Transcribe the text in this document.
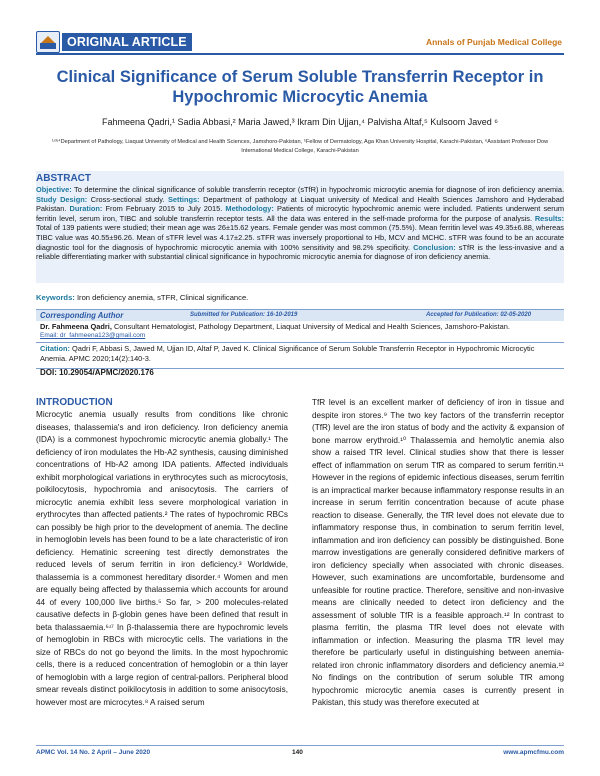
ORIGINAL ARTICLE	Annals of Punjab Medical College
Clinical Significance of Serum Soluble Transferrin Receptor in Hypochromic Microcytic Anemia
Fahmeena Qadri,¹ Sadia Abbasi,² Maria Jawed,³ Ikram Din Ujjan,⁴ Palvisha Altaf,⁵ Kulsoom Javed ⁶
¹ʴ³ʴ⁴Department of Pathology, Liaquat University of Medical and Health Sciences, Jamshoro-Pakistan, ⁵Fellow of Dermatology, Aga Khan University Hospital, Karachi-Pakistan, ⁶Assistant Professor Dow International Medical College, Karachi-Pakistan
ABSTRACT
Objective: To determine the clinical significance of soluble transferrin receptor (sTfR) in hypochromic microcytic anemia for diagnose of iron deficiency anemia. Study Design: Cross-sectional study. Settings: Department of pathology at Liaquat university of Medical and Health Sciences Jamshoro and Hyderabad Pakistan. Duration: From February 2015 to July 2015. Methodology: Patients of microcytic hypochromic anemic were included. Patients underwent serum ferritin level, serum iron, TIBC and soluble transferrin receptor tests. All the data was entered in the self-made proforma for the purpose of analysis. Results: Total of 139 patients were studied; their mean age was 26±15.62 years. Female gender was most common (75.5%). Mean ferritin level was 49.35±6.88, whereas TIBC value was 40.55±96.26. Mean of sTFR level was 4.17±2.25. sTFR was inversely proportional to Hb, MCV and MCHC. sTFR was found to be an accurate diagnostic tool for the diagnosis of hypochromic microcytic anemia with 100% sensitivity and 98.2% specificity. Conclusion: sTfR is the less-invasive and a reliable differentiating marker with substantial clinical significance in hypochromic microcytic anemia for diagnose of iron deficiency anemia.
Keywords: Iron deficiency anemia, sTFR, Clinical significance.
Corresponding Author	Submitted for Publication: 16-10-2019	Accepted for Publication: 02-05-2020
Dr. Fahmeena Qadri, Consultant Hematologist, Pathology Department, Liaquat University of Medical and Health Sciences, Jamshoro-Pakistan.
Email: dr_fahmeena123@gmail.com
Citation: Qadri F, Abbasi S, Jawed M, Ujjan ID, Altaf P, Javed K. Clinical Significance of Serum Soluble Transferrin Receptor in Hypochromic Microcytic Anemia. APMC 2020;14(2):140-3.
DOI: 10.29054/APMC/2020.176
INTRODUCTION
Microcytic anemia usually results from conditions like chronic diseases, thalassemia's and iron deficiency. Iron deficiency anemia (IDA) is a commonest hypochromic microcytic anemia globally.¹ The deficiency of iron modulates the Hb-A2 synthesis, causing diminished concentrations of Hb-A2 among IDA patients. Affected individuals exhibit morphological variations in erythrocytes such as microcytosis, poikilocytosis, hypochromia and anisocytosis. The carriers of microcytic anemia exhibit less severe morphological variation in erythrocytes than affected patients.² The rates of hypochromic RBCs can possibly be high prior to the development of anemia. The decline in hemoglobin levels has been found to be a late characteristic of iron deficiency. Hematinic screening test directly demonstrates the reduced levels of serum ferritin in iron deficiency.³ Worldwide, thalassemia is a commonest hereditary disorder.⁴ Women and men are equally being affected by thalassemia which accounts for around 44 of every 100,000 live births.⁵ So far, > 200 molecules-related causative defects in β-globin genes have been defined that result in beta thalassaemia.⁶ʴ⁷ In β-thalassemia there are hypochromic levels of hemoglobin in RBCs with microcytic cells. The variations in the size of RBCs do not go beyond the limits. In the most hypochromic cells, there is a reduced concentration of hemoglobin or a thin layer of hemoglobin with a large region of central-pallors. Peripheral blood smear reveals distinct poikilocytosis in addition to some anisocytosis, however most are microcytes.⁸ A raised serum
TfR level is an excellent marker of deficiency of iron in tissue and despite iron stores.⁹ The two key factors of the transferrin receptor (TfR) level are the iron status of body and the activity & expansion of bone marrow erythroid.¹⁰ Thalassemia and hemolytic anemia also show a raised TfR level. Clinical studies show that there is lesser effect of inflammation on serum TfR as compared to serum ferritin.¹¹ However in the regions of epidemic infectious diseases, serum ferritin is an impractical marker because inflammatory response results in an increase in serum ferritin concentration because of acute phase reaction to disease. Generally, the TfR level does not elevate due to inflammatory response thus, in combination to serum ferritin level, inflammation and iron deficiency can possibly be distinguished. Bone marrow investigations are generally considered definitive markers of iron deficiency specially when associated with chronic diseases. However, such examinations are uncomfortable, burdensome and unfeasible for routine practice. Therefore, sensitive and non-invasive means are clinically needed to detect iron deficiency and the assessment of soluble TfR is a feasible approach.¹² In contrast to plasma ferritin, the plasma TfR level does not elevate with inflammation or infection. Measuring the plasma TfR level may therefore be particularly useful in distinguishing between anemia-related iron chronic inflammatory disorders and deficiency anemia.¹² No findings on the contribution of serum soluble TfR among hypochromic microcytic anemia cases is currently present in Pakistan, this study was therefore executed at
APMC Vol. 14 No. 2 April – June 2020	140	www.apmcfmu.com
